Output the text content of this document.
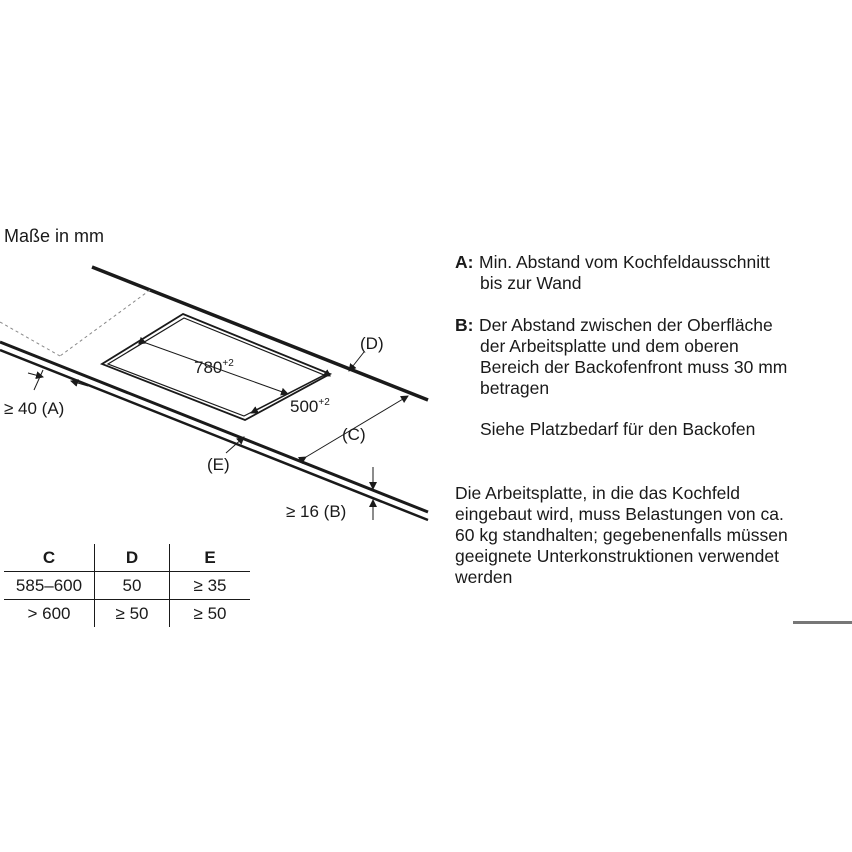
Maße in mm
$780^{+2}$
$500^{+2}$
(D)
(C)
(E)
≥ 40 (A)
≥ 16 (B)
C	D	E
585–600	50	≥ 35
> 600	≥ 50	≥ 50
A: Min. Abstand vom Kochfeldausschnitt
bis zur Wand
B: Der Abstand zwischen der Oberfläche
der Arbeitsplatte und dem oberen
Bereich der Backofenfront muss 30 mm
betragen
Siehe Platzbedarf für den Backofen
Die Arbeitsplatte, in die das Kochfeld
eingebaut wird, muss Belastungen von ca.
60 kg standhalten; gegebenenfalls müssen
geeignete Unterkonstruktionen verwendet
werden
